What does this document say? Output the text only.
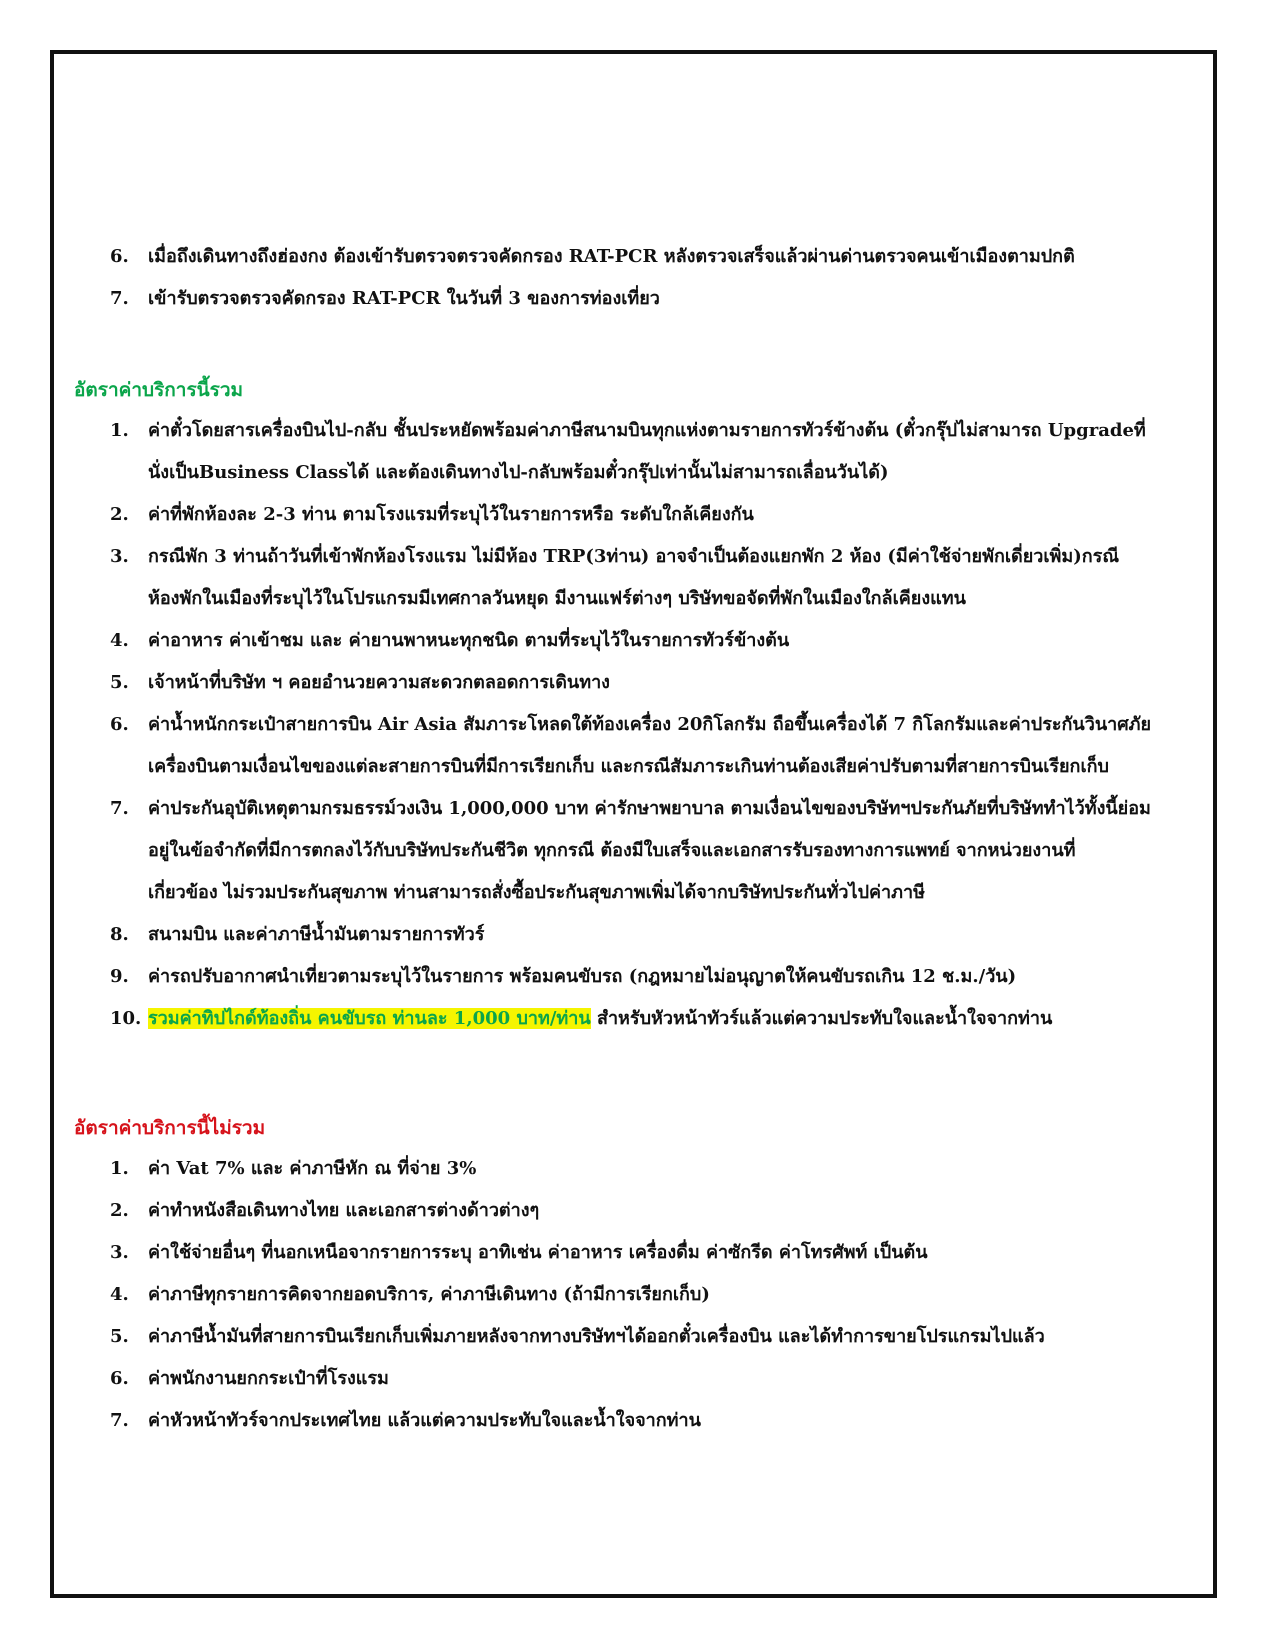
6.	เมื่อถึงเดินทางถึงฮ่องกง ต้องเข้ารับตรวจตรวจคัดกรอง RAT-PCR หลังตรวจเสร็จแล้วผ่านด่านตรวจคนเข้าเมืองตามปกติ
7.	เข้ารับตรวจตรวจคัดกรอง RAT-PCR ในวันที่ 3 ของการท่องเที่ยว
อัตราค่าบริการนี้รวม
1.	ค่าตั๋วโดยสารเครื่องบินไป-กลับ ชั้นประหยัดพร้อมค่าภาษีสนามบินทุกแห่งตามรายการทัวร์ข้างต้น (ตั๋วกรุ๊ปไม่สามารถ Upgradeที่
นั่งเป็นBusiness Classได้ และต้องเดินทางไป-กลับพร้อมตั๋วกรุ๊ปเท่านั้นไม่สามารถเลื่อนวันได้)
2.	ค่าที่พักห้องละ 2-3 ท่าน ตามโรงแรมที่ระบุไว้ในรายการหรือ ระดับใกล้เคียงกัน
3.	กรณีพัก 3 ท่านถ้าวันที่เข้าพักห้องโรงแรม ไม่มีห้อง TRP(3ท่าน) อาจจำเป็นต้องแยกพัก 2 ห้อง (มีค่าใช้จ่ายพักเดี่ยวเพิ่ม)กรณี
ห้องพักในเมืองที่ระบุไว้ในโปรแกรมมีเทศกาลวันหยุด มีงานแฟร์ต่างๆ บริษัทขอจัดที่พักในเมืองใกล้เคียงแทน
4.	ค่าอาหาร ค่าเข้าชม และ ค่ายานพาหนะทุกชนิด ตามที่ระบุไว้ในรายการทัวร์ข้างต้น
5.	เจ้าหน้าที่บริษัท ฯ คอยอำนวยความสะดวกตลอดการเดินทาง
6.	ค่าน้ำหนักกระเป๋าสายการบิน Air Asia สัมภาระโหลดใต้ท้องเครื่อง 20กิโลกรัม ถือขึ้นเครื่องได้ 7 กิโลกรัมและค่าประกันวินาศภัย
เครื่องบินตามเงื่อนไขของแต่ละสายการบินที่มีการเรียกเก็บ และกรณีสัมภาระเกินท่านต้องเสียค่าปรับตามที่สายการบินเรียกเก็บ
7.	ค่าประกันอุบัติเหตุตามกรมธรรม์วงเงิน 1,000,000 บาท ค่ารักษาพยาบาล ตามเงื่อนไขของบริษัทฯประกันภัยที่บริษัททำไว้ทั้งนี้ย่อม
อยู่ในข้อจำกัดที่มีการตกลงไว้กับบริษัทประกันชีวิต ทุกกรณี ต้องมีใบเสร็จและเอกสารรับรองทางการแพทย์ จากหน่วยงานที่
เกี่ยวข้อง ไม่รวมประกันสุขภาพ ท่านสามารถสั่งซื้อประกันสุขภาพเพิ่มได้จากบริษัทประกันทั่วไปค่าภาษี
8.	สนามบิน และค่าภาษีน้ำมันตามรายการทัวร์
9.	ค่ารถปรับอากาศนำเที่ยวตามระบุไว้ในรายการ พร้อมคนขับรถ (กฎหมายไม่อนุญาตให้คนขับรถเกิน 12 ช.ม./วัน)
10. รวมค่าทิปไกด์ท้องถิ่น คนขับรถ ท่านละ 1,000 บาท/ท่าน สำหรับหัวหน้าทัวร์แล้วแต่ความประทับใจและน้ำใจจากท่าน
อัตราค่าบริการนี้ไม่รวม
1.	ค่า Vat 7% และ ค่าภาษีหัก ณ ที่จ่าย 3%
2.	ค่าทำหนังสือเดินทางไทย และเอกสารต่างด้าวต่างๆ
3.	ค่าใช้จ่ายอื่นๆ ที่นอกเหนือจากรายการระบุ อาทิเช่น ค่าอาหาร เครื่องดื่ม ค่าซักรีด ค่าโทรศัพท์ เป็นต้น
4.	ค่าภาษีทุกรายการคิดจากยอดบริการ, ค่าภาษีเดินทาง (ถ้ามีการเรียกเก็บ)
5.	ค่าภาษีน้ำมันที่สายการบินเรียกเก็บเพิ่มภายหลังจากทางบริษัทฯได้ออกตั๋วเครื่องบิน และได้ทำการขายโปรแกรมไปแล้ว
6.	ค่าพนักงานยกกระเป๋าที่โรงแรม
7.	ค่าหัวหน้าทัวร์จากประเทศไทย แล้วแต่ความประทับใจและน้ำใจจากท่าน
